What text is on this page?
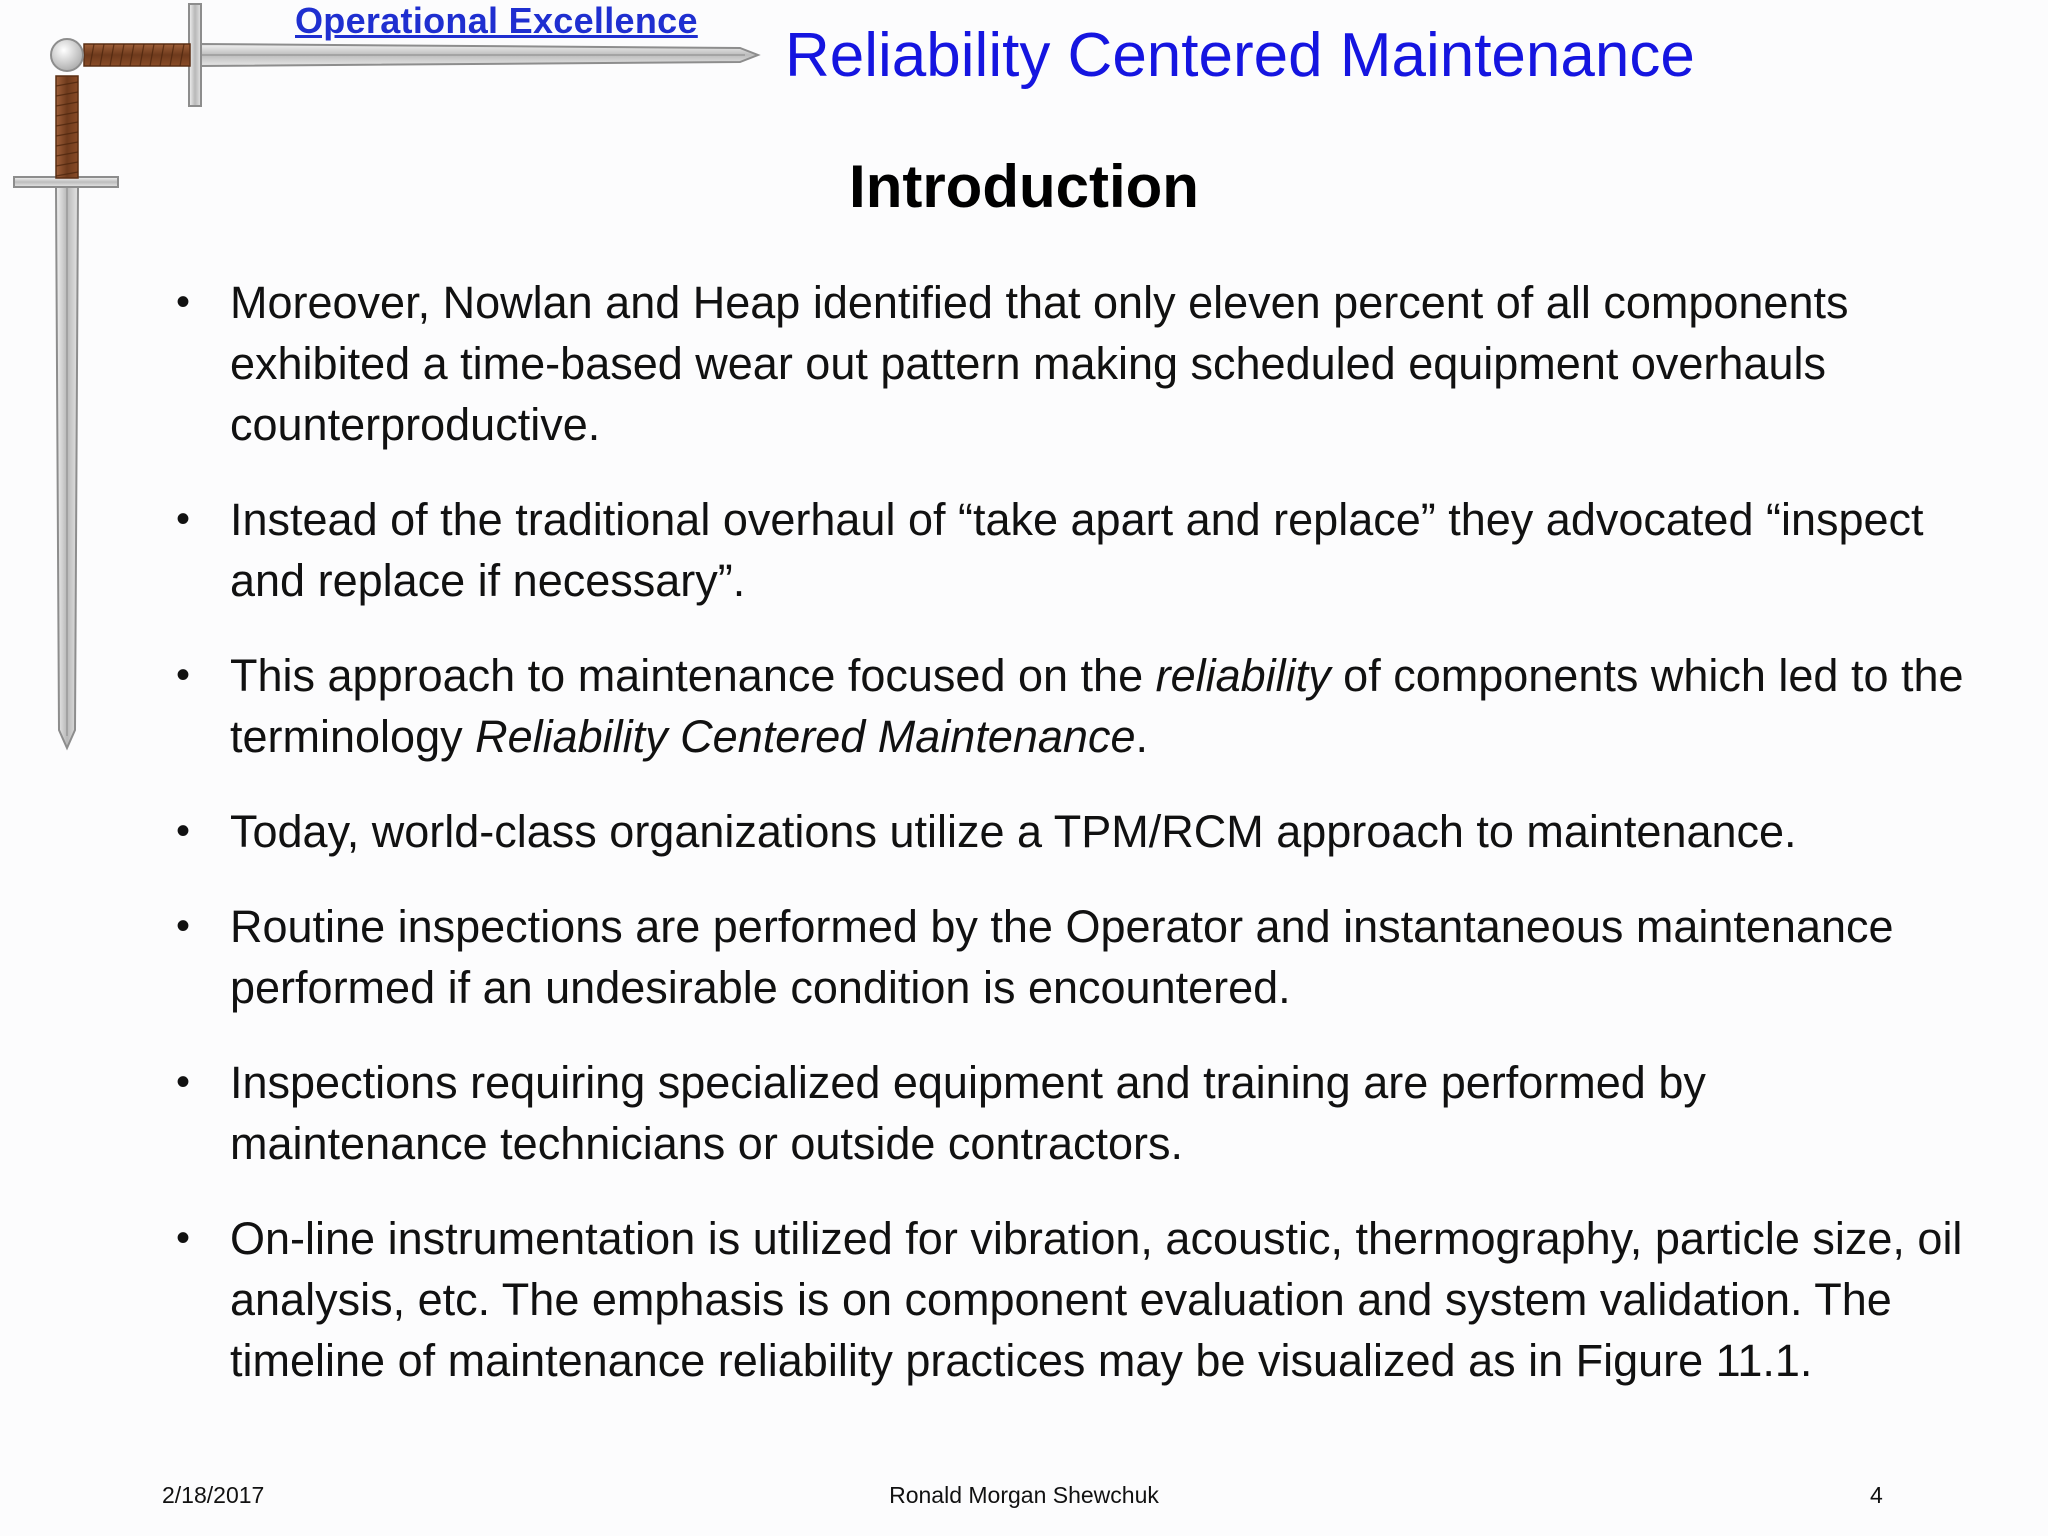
Operational Excellence
Reliability Centered Maintenance
Introduction
• Moreover, Nowlan and Heap identified that only eleven percent of all components exhibited a time-based wear out pattern making scheduled equipment overhauls counterproductive.
• Instead of the traditional overhaul of “take apart and replace” they advocated “inspect and replace if necessary”.
• This approach to maintenance focused on the reliability of components which led to the terminology Reliability Centered Maintenance.
• Today, world-class organizations utilize a TPM/RCM approach to maintenance.
• Routine inspections are performed by the Operator and instantaneous maintenance performed if an undesirable condition is encountered.
• Inspections requiring specialized equipment and training are performed by maintenance technicians or outside contractors.
• On-line instrumentation is utilized for vibration, acoustic, thermography, particle size, oil analysis, etc. The emphasis is on component evaluation and system validation. The timeline of maintenance reliability practices may be visualized as in Figure 11.1.
2/18/2017	Ronald Morgan Shewchuk	4
